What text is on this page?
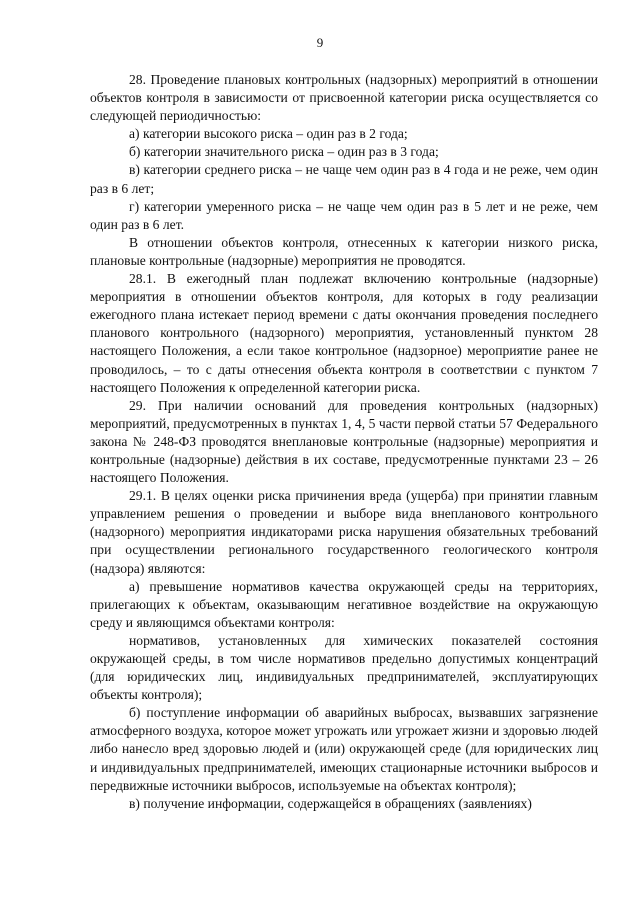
9

28. Проведение плановых контрольных (надзорных) мероприятий в отношении объектов контроля в зависимости от присвоенной категории риска осуществляется со следующей периодичностью:

а) категории высокого риска – один раз в 2 года;

б) категории значительного риска – один раз в 3 года;

в) категории среднего риска – не чаще чем один раз в 4 года и не реже, чем один раз в 6 лет;

г) категории умеренного риска – не чаще чем один раз в 5 лет и не реже, чем один раз в 6 лет.

В отношении объектов контроля, отнесенных к категории низкого риска, плановые контрольные (надзорные) мероприятия не проводятся.

28.1. В ежегодный план подлежат включению контрольные (надзорные) мероприятия в отношении объектов контроля, для которых в году реализации ежегодного плана истекает период времени с даты окончания проведения последнего планового контрольного (надзорного) мероприятия, установленный пунктом 28 настоящего Положения, а если такое контрольное (надзорное) мероприятие ранее не проводилось, – то с даты отнесения объекта контроля в соответствии с пунктом 7 настоящего Положения к определенной категории риска.

29. При наличии оснований для проведения контрольных (надзорных) мероприятий, предусмотренных в пунктах 1, 4, 5 части первой статьи 57 Федерального закона № 248-ФЗ проводятся внеплановые контрольные (надзорные) мероприятия и контрольные (надзорные) действия в их составе, предусмотренные пунктами 23 – 26 настоящего Положения.

29.1. В целях оценки риска причинения вреда (ущерба) при принятии главным управлением решения о проведении и выборе вида внепланового контрольного (надзорного) мероприятия индикаторами риска нарушения обязательных требований при осуществлении регионального государственного геологического контроля (надзора) являются:

а) превышение нормативов качества окружающей среды на территориях, прилегающих к объектам, оказывающим негативное воздействие на окружающую среду и являющимся объектами контроля:

нормативов, установленных для химических показателей состояния окружающей среды, в том числе нормативов предельно допустимых концентраций (для юридических лиц, индивидуальных предпринимателей, эксплуатирующих объекты контроля);

б) поступление информации об аварийных выбросах, вызвавших загрязнение атмосферного воздуха, которое может угрожать или угрожает жизни и здоровью людей либо нанесло вред здоровью людей и (или) окружающей среде (для юридических лиц и индивидуальных предпринимателей, имеющих стационарные источники выбросов и передвижные источники выбросов, используемые на объектах контроля);

в) получение информации, содержащейся в обращениях (заявлениях)
